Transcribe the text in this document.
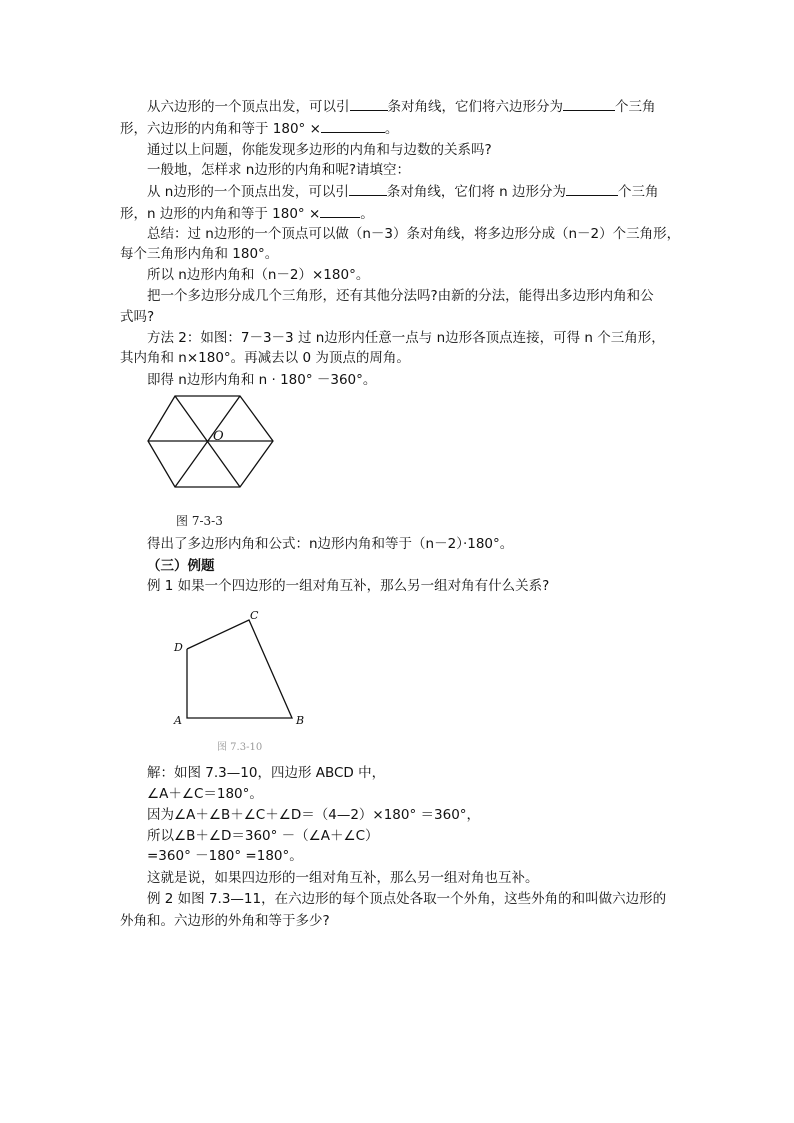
从六边形的一个顶点出发，可以引	条对角线，它们将六边形分为	个三角
形，六边形的内角和等于 180° ×	。
通过以上问题，你能发现多边形的内角和与边数的关系吗?
一般地，怎样求 n边形的内角和呢?请填空：
从 n边形的一个顶点出发，可以引	条对角线，它们将 n 边形分为	个三角
形，n 边形的内角和等于 180° ×	。
总结：过 n边形的一个顶点可以做（n－3）条对角线，将多边形分成（n－2）个三角形，
每个三角形内角和 180°。
所以 n边形内角和（n－2）×180°。
把一个多边形分成几个三角形，还有其他分法吗?由新的分法，能得出多边形内角和公
式吗?
方法 2：如图：7－3－3 过 n边形内任意一点与 n边形各顶点连接，可得 n 个三角形，
其内角和 n×180°。再减去以 0 为顶点的周角。
即得 n边形内角和 n · 180° －360°。
O
图 7-3-3
得出了多边形内角和公式：n边形内角和等于（n－2）·180°。
（三）例题
例 1 如果一个四边形的一组对角互补，那么另一组对角有什么关系?
D
C
A	B
图 7.3-10
解：如图 7.3—10，四边形 ABCD 中，
∠A＋∠C＝180°。
因为∠A＋∠B＋∠C＋∠D＝（4—2）×180° ＝360°，
所以∠B＋∠D＝360° －（∠A＋∠C）
=360° －180° =180°。
这就是说，如果四边形的一组对角互补，那么另一组对角也互补。
例 2 如图 7.3—11，在六边形的每个顶点处各取一个外角，这些外角的和叫做六边形的
外角和。六边形的外角和等于多少?
